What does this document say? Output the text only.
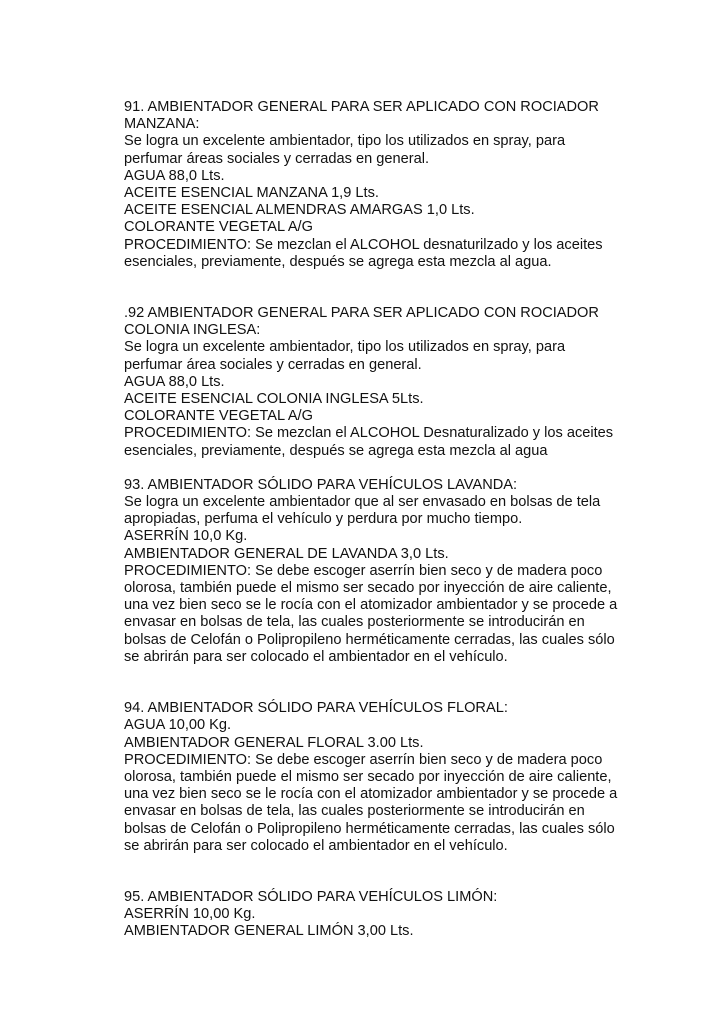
91. AMBIENTADOR GENERAL PARA SER APLICADO CON ROCIADOR
MANZANA:
Se logra un excelente ambientador, tipo los utilizados en spray, para
perfumar áreas sociales y cerradas en general.
AGUA 88,0 Lts.
ACEITE ESENCIAL MANZANA 1,9 Lts.
ACEITE ESENCIAL ALMENDRAS AMARGAS 1,0 Lts.
COLORANTE VEGETAL A/G
PROCEDIMIENTO: Se mezclan el ALCOHOL desnaturilzado y los aceites
esenciales, previamente, después se agrega esta mezcla al agua.
.92 AMBIENTADOR GENERAL PARA SER APLICADO CON ROCIADOR
COLONIA INGLESA:
Se logra un excelente ambientador, tipo los utilizados en spray, para
perfumar área sociales y cerradas en general.
AGUA 88,0 Lts.
ACEITE ESENCIAL COLONIA INGLESA 5Lts.
COLORANTE VEGETAL A/G
PROCEDIMIENTO: Se mezclan el ALCOHOL Desnaturalizado y los aceites
esenciales, previamente, después se agrega esta mezcla al agua
93. AMBIENTADOR SÓLIDO PARA VEHÍCULOS LAVANDA:
Se logra un excelente ambientador que al ser envasado en bolsas de tela
apropiadas, perfuma el vehículo y perdura por mucho tiempo.
ASERRÍN 10,0 Kg.
AMBIENTADOR GENERAL DE LAVANDA 3,0 Lts.
PROCEDIMIENTO: Se debe escoger aserrín bien seco y de madera poco
olorosa, también puede el mismo ser secado por inyección de aire caliente,
una vez bien seco se le rocía con el atomizador ambientador y se procede a
envasar en bolsas de tela, las cuales posteriormente se introducirán en
bolsas de Celofán o Polipropileno herméticamente cerradas, las cuales sólo
se abrirán para ser colocado el ambientador en el vehículo.
94. AMBIENTADOR SÓLIDO PARA VEHÍCULOS FLORAL:
AGUA 10,00 Kg.
AMBIENTADOR GENERAL FLORAL 3.00 Lts.
PROCEDIMIENTO: Se debe escoger aserrín bien seco y de madera poco
olorosa, también puede el mismo ser secado por inyección de aire caliente,
una vez bien seco se le rocía con el atomizador ambientador y se procede a
envasar en bolsas de tela, las cuales posteriormente se introducirán en
bolsas de Celofán o Polipropileno herméticamente cerradas, las cuales sólo
se abrirán para ser colocado el ambientador en el vehículo.
95. AMBIENTADOR SÓLIDO PARA VEHÍCULOS LIMÓN:
ASERRÍN 10,00 Kg.
AMBIENTADOR GENERAL LIMÓN 3,00 Lts.
